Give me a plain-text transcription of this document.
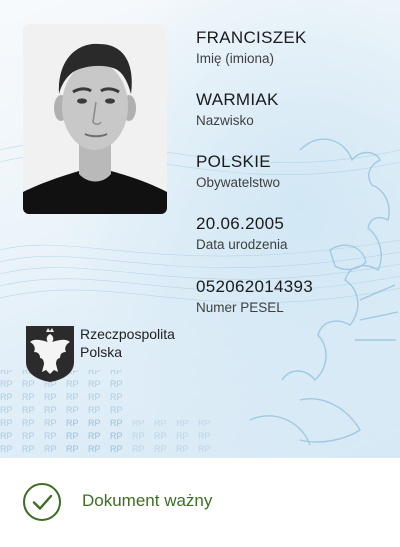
FRANCISZEK
Imię (imiona)
WARMIAK
Nazwisko
POLSKIE
Obywatelstwo
20.06.2005
Data urodzenia
052062014393
Numer PESEL
Rzeczpospolita
Polska
Dokument ważny
